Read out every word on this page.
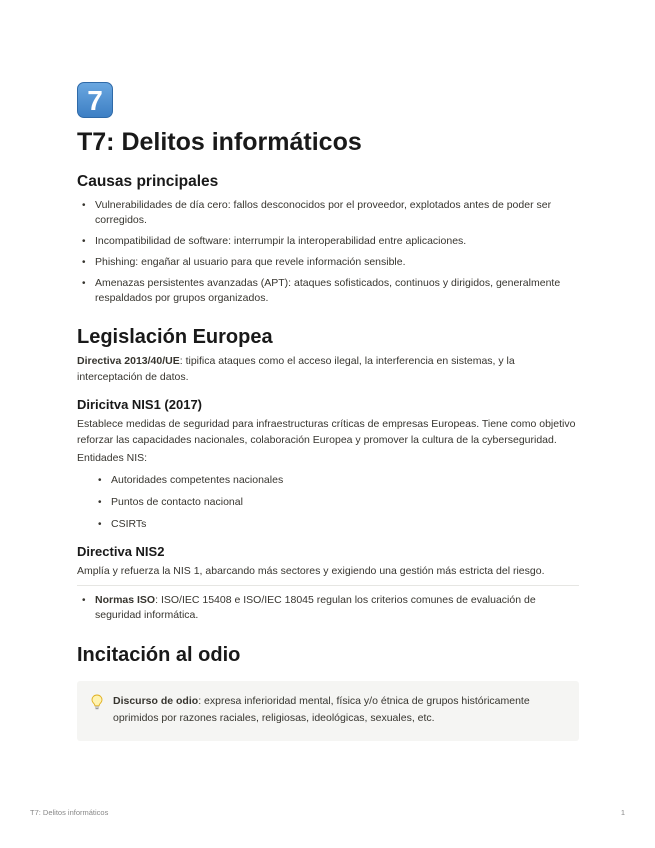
7
T7: Delitos informáticos
Causas principales
• Vulnerabilidades de día cero: fallos desconocidos por el proveedor, explotados antes de poder ser corregidos.
• Incompatibilidad de software: interrumpir la interoperabilidad entre aplicaciones.
• Phishing: engañar al usuario para que revele información sensible.
• Amenazas persistentes avanzadas (APT): ataques sofisticados, continuos y dirigidos, generalmente respaldados por grupos organizados.
Legislación Europea

Directiva 2013/40/UE: tipifica ataques como el acceso ilegal, la interferencia en sistemas, y la interceptación de datos.

Diricitva NIS1 (2017)

Establece medidas de seguridad para infraestructuras críticas de empresas Europeas. Tiene como objetivo reforzar las capacidades nacionales, colaboración Europea y promover la cultura de la cyberseguridad.

Entidades NIS:

• Autoridades competentes nacionales
• Puntos de contacto nacional
• CSIRTs
Directiva NIS2

Amplía y refuerza la NIS 1, abarcando más sectores y exigiendo una gestión más estricta del riesgo.

• Normas ISO: ISO/IEC 15408 e ISO/IEC 18045 regulan los criterios comunes de evaluación de seguridad informática.
Incitación al odio

Discurso de odio: expresa inferioridad mental, física y/o étnica de grupos históricamente oprimidos por razones raciales, religiosas, ideológicas, sexuales, etc.

T7: Delitos informáticos	1
